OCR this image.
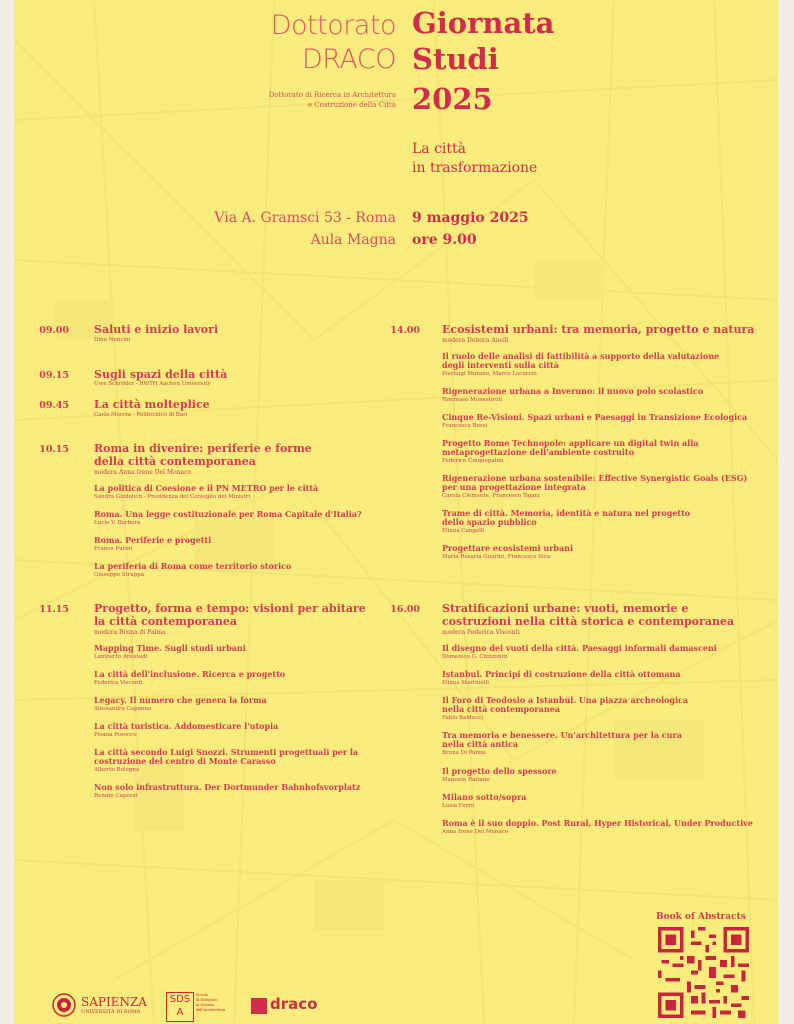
Dottorato
DRACO
Dottorato di Ricerca in Architettura
e Costruzione della Città
Giornata
Studi
2025
La città
in trasformazione
Via A. Gramsci 53 - Roma
Aula Magna
9 maggio 2025
ore 9.00
09.00 Saluti e inizio lavori
Dina Nencini
09.15 Sugli spazi della città
Uwe Schröder - RWTH Aachen University
09.45 La città molteplice
Carlo Moccia - Politecnico di Bari
10.15 Roma in divenire: periferie e forme
della città contemporanea
modera Anna Irene Del Monaco
La politica di Coesione e il PN METRO per le città
Sandra Gizdulich - Presidenza del Consiglio dei Ministri
Roma. Una legge costituzionale per Roma Capitale d'Italia?
Lucio V. Barbera
Roma. Periferie e progetti
Franco Purini
La periferia di Roma come territorio storico
Giuseppe Strappa
11.15 Progetto, forma e tempo: visioni per abitare
la città contemporanea
modera Bruna di Palma
Mapping Time. Sugli studi urbani
Lamberto Amistadi
La città dell'inclusione. Ricerca e progetto
Federica Visconti
Legacy. Il numero che genera la forma
Alessandra Capanna
La città turistica. Addomesticare l'utopia
Pisana Posocco
La città secondo Luigi Snozzi. Strumenti progettuali per la
costruzione del centro di Monte Carasso
Alberto Bologna
Non solo infrastruttura. Der Dortmunder Bahnhofsvorplatz
Renato Capozzi
14.00 Ecosistemi urbani: tra memoria, progetto e natura
modera Debora Anelli
Il ruolo delle analisi di fattibilità a supporto della valutazione
degli interventi sulla città
Pierluigi Morano, Marco Locurcio
Rigenerazione urbana a Inveruno: il nuovo polo scolastico
Tommaso Monestiroli
Cinque Re-Visioni. Spazi urbani e Paesaggi in Transizione Ecologica
Francesca Bossi
Progetto Rome Technopole: applicare un digital twin alla
metaprogettazione dell'ambiente costruito
Federico Cinquepalmi
Rigenerazione urbana sostenibile: Effective Synergistic Goals (ESG)
per una progettazione integrata
Carola Clemente, Francesco Tajani
Trame di città. Memoria, identità e natura nel progetto
dello spazio pubblico
Eliana Cangelli
Progettare ecosistemi urbani
Maria Rosaria Guarini, Francesco Sica
16.00 Stratificazioni urbane: vuoti, memorie e
costruzioni nella città storica e contemporanea
modera Federica Visconti
Il disegno dei vuoti della città. Paesaggi informali damasceni
Domenico G. Chizzoniti
Istanbul. Principi di costruzione della città ottomana
Eliana Martinelli
Il Foro di Teodosio a Istanbul. Una piazza archeologica
nella città contemporanea
Fabio Balducci
Tra memoria e benessere. Un'architettura per la cura
nella città antica
Bruna Di Palma
Il progetto dello spessore
Manuela Raitano
Milano sotto/sopra
Luisa Ferro
Roma è il suo doppio. Post Rural, Hyper Historical, Under Productive
Anna Irene Del Monaco
SAPIENZA
UNIVERSITÀ DI ROMA
SDSA
Scuola
di Dottorato
in Scienze
dell'Architettura	draco
Book of Abstracts
